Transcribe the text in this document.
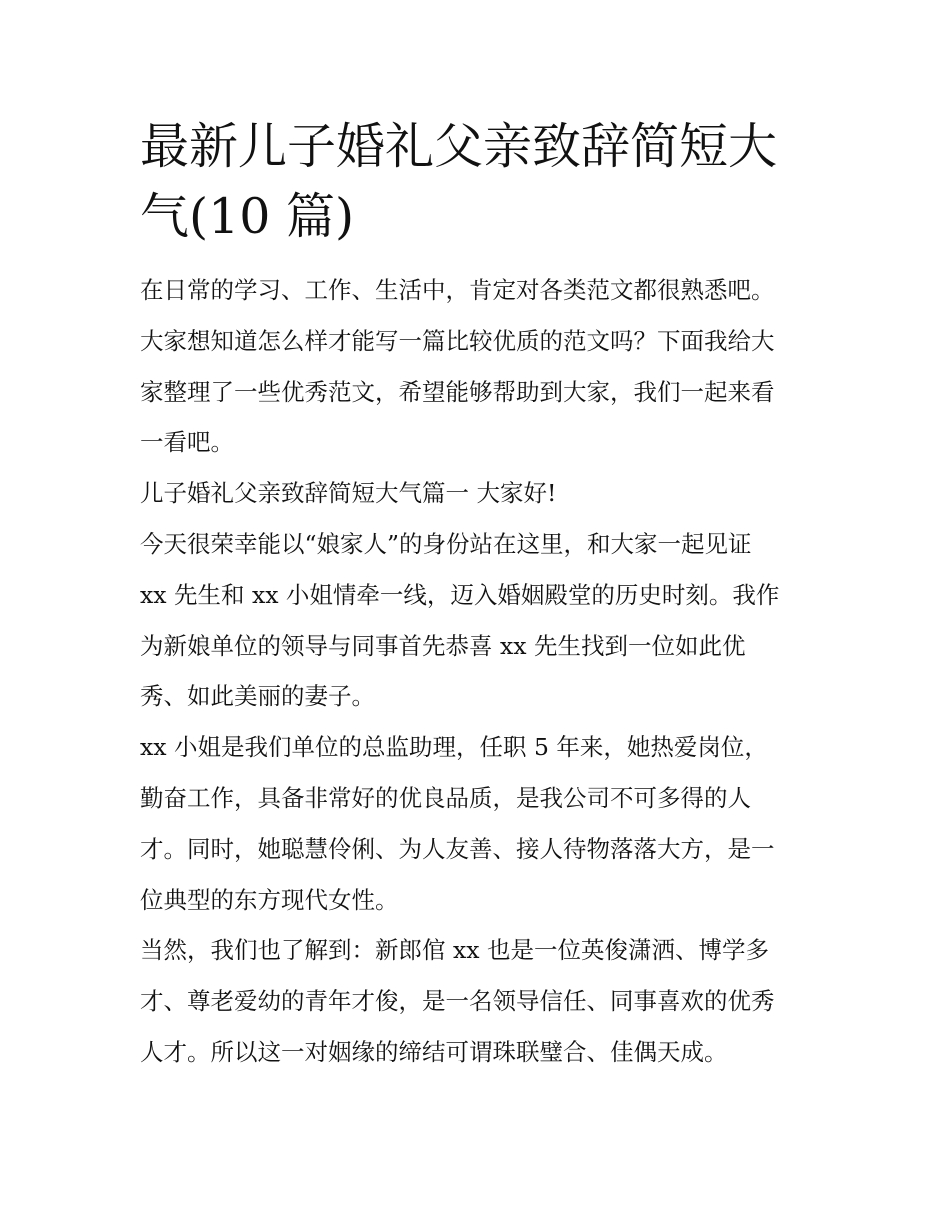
最新儿子婚礼父亲致辞简短大
气(10 篇)

在日常的学习、工作、生活中，肯定对各类范文都很熟悉吧。

大家想知道怎么样才能写一篇比较优质的范文吗？下面我给大

家整理了一些优秀范文，希望能够帮助到大家，我们一起来看

一看吧。

儿子婚礼父亲致辞简短大气篇一 大家好!

今天很荣幸能以“娘家人”的身份站在这里，和大家一起见证

xx 先生和 xx 小姐情牵一线，迈入婚姻殿堂的历史时刻。我作

为新娘单位的领导与同事首先恭喜 xx 先生找到一位如此优

秀、如此美丽的妻子。

xx 小姐是我们单位的总监助理，任职 5 年来，她热爱岗位，

勤奋工作，具备非常好的优良品质，是我公司不可多得的人

才。同时，她聪慧伶俐、为人友善、接人待物落落大方，是一

位典型的东方现代女性。

当然，我们也了解到：新郎倌 xx 也是一位英俊潇洒、博学多

才、尊老爱幼的青年才俊，是一名领导信任、同事喜欢的优秀

人才。所以这一对姻缘的缔结可谓珠联璧合、佳偶天成。
